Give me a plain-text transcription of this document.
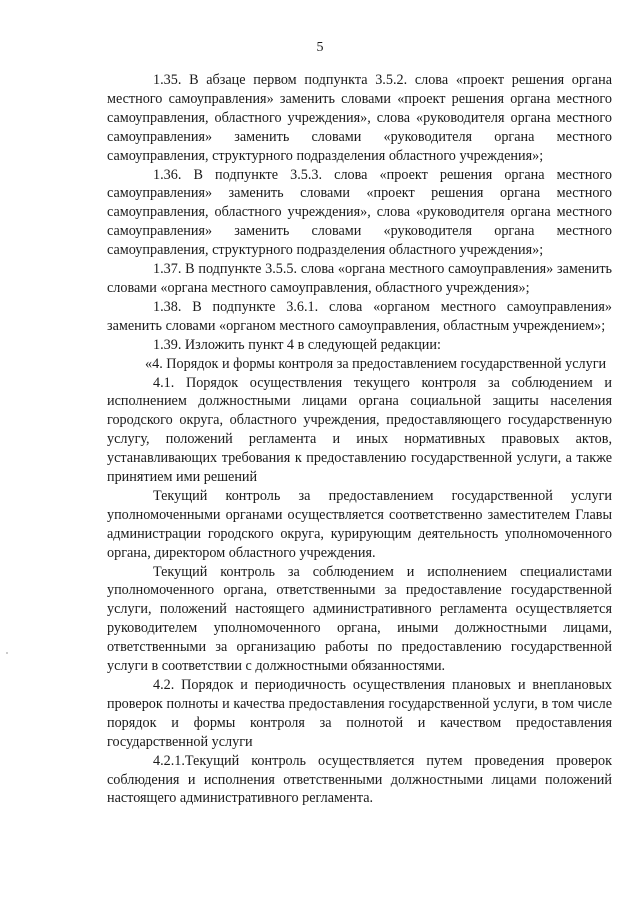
5

1.35. В абзаце первом подпункта 3.5.2. слова «проект решения органа местного самоуправления» заменить словами «проект решения органа местного самоуправления, областного учреждения», слова «руководителя органа местного самоуправления» заменить словами «руководителя органа местного самоуправления, структурного подразделения областного учреждения»;

1.36. В подпункте 3.5.3. слова «проект решения органа местного самоуправления» заменить словами «проект решения органа местного самоуправления, областного учреждения», слова «руководителя органа местного самоуправления» заменить словами «руководителя органа местного самоуправления, структурного подразделения областного учреждения»;

1.37. В подпункте 3.5.5. слова «органа местного самоуправления» заменить словами «органа местного самоуправления, областного учреждения»;

1.38. В подпункте 3.6.1. слова «органом местного самоуправления» заменить словами «органом местного самоуправления, областным учреждением»;

1.39. Изложить пункт 4 в следующей редакции:

«4. Порядок и формы контроля за предоставлением государственной услуги

4.1. Порядок осуществления текущего контроля за соблюдением и исполнением должностными лицами органа социальной защиты населения городского округа, областного учреждения, предоставляющего государственную услугу, положений регламента и иных нормативных правовых актов, устанавливающих требования к предоставлению государственной услуги, а также принятием ими решений

Текущий контроль за предоставлением государственной услуги уполномоченными органами осуществляется соответственно заместителем Главы администрации городского округа, курирующим деятельность уполномоченного органа, директором областного учреждения.

Текущий контроль за соблюдением и исполнением специалистами уполномоченного органа, ответственными за предоставление государственной услуги, положений настоящего административного регламента осуществляется руководителем уполномоченного органа, иными должностными лицами, ответственными за организацию работы по предоставлению государственной услуги в соответствии с должностными обязанностями.

4.2. Порядок и периодичность осуществления плановых и внеплановых проверок полноты и качества предоставления государственной услуги, в том числе порядок и формы контроля за полнотой и качеством предоставления государственной услуги

4.2.1.Текущий контроль осуществляется путем проведения проверок соблюдения и исполнения ответственными должностными лицами положений настоящего административного регламента.
